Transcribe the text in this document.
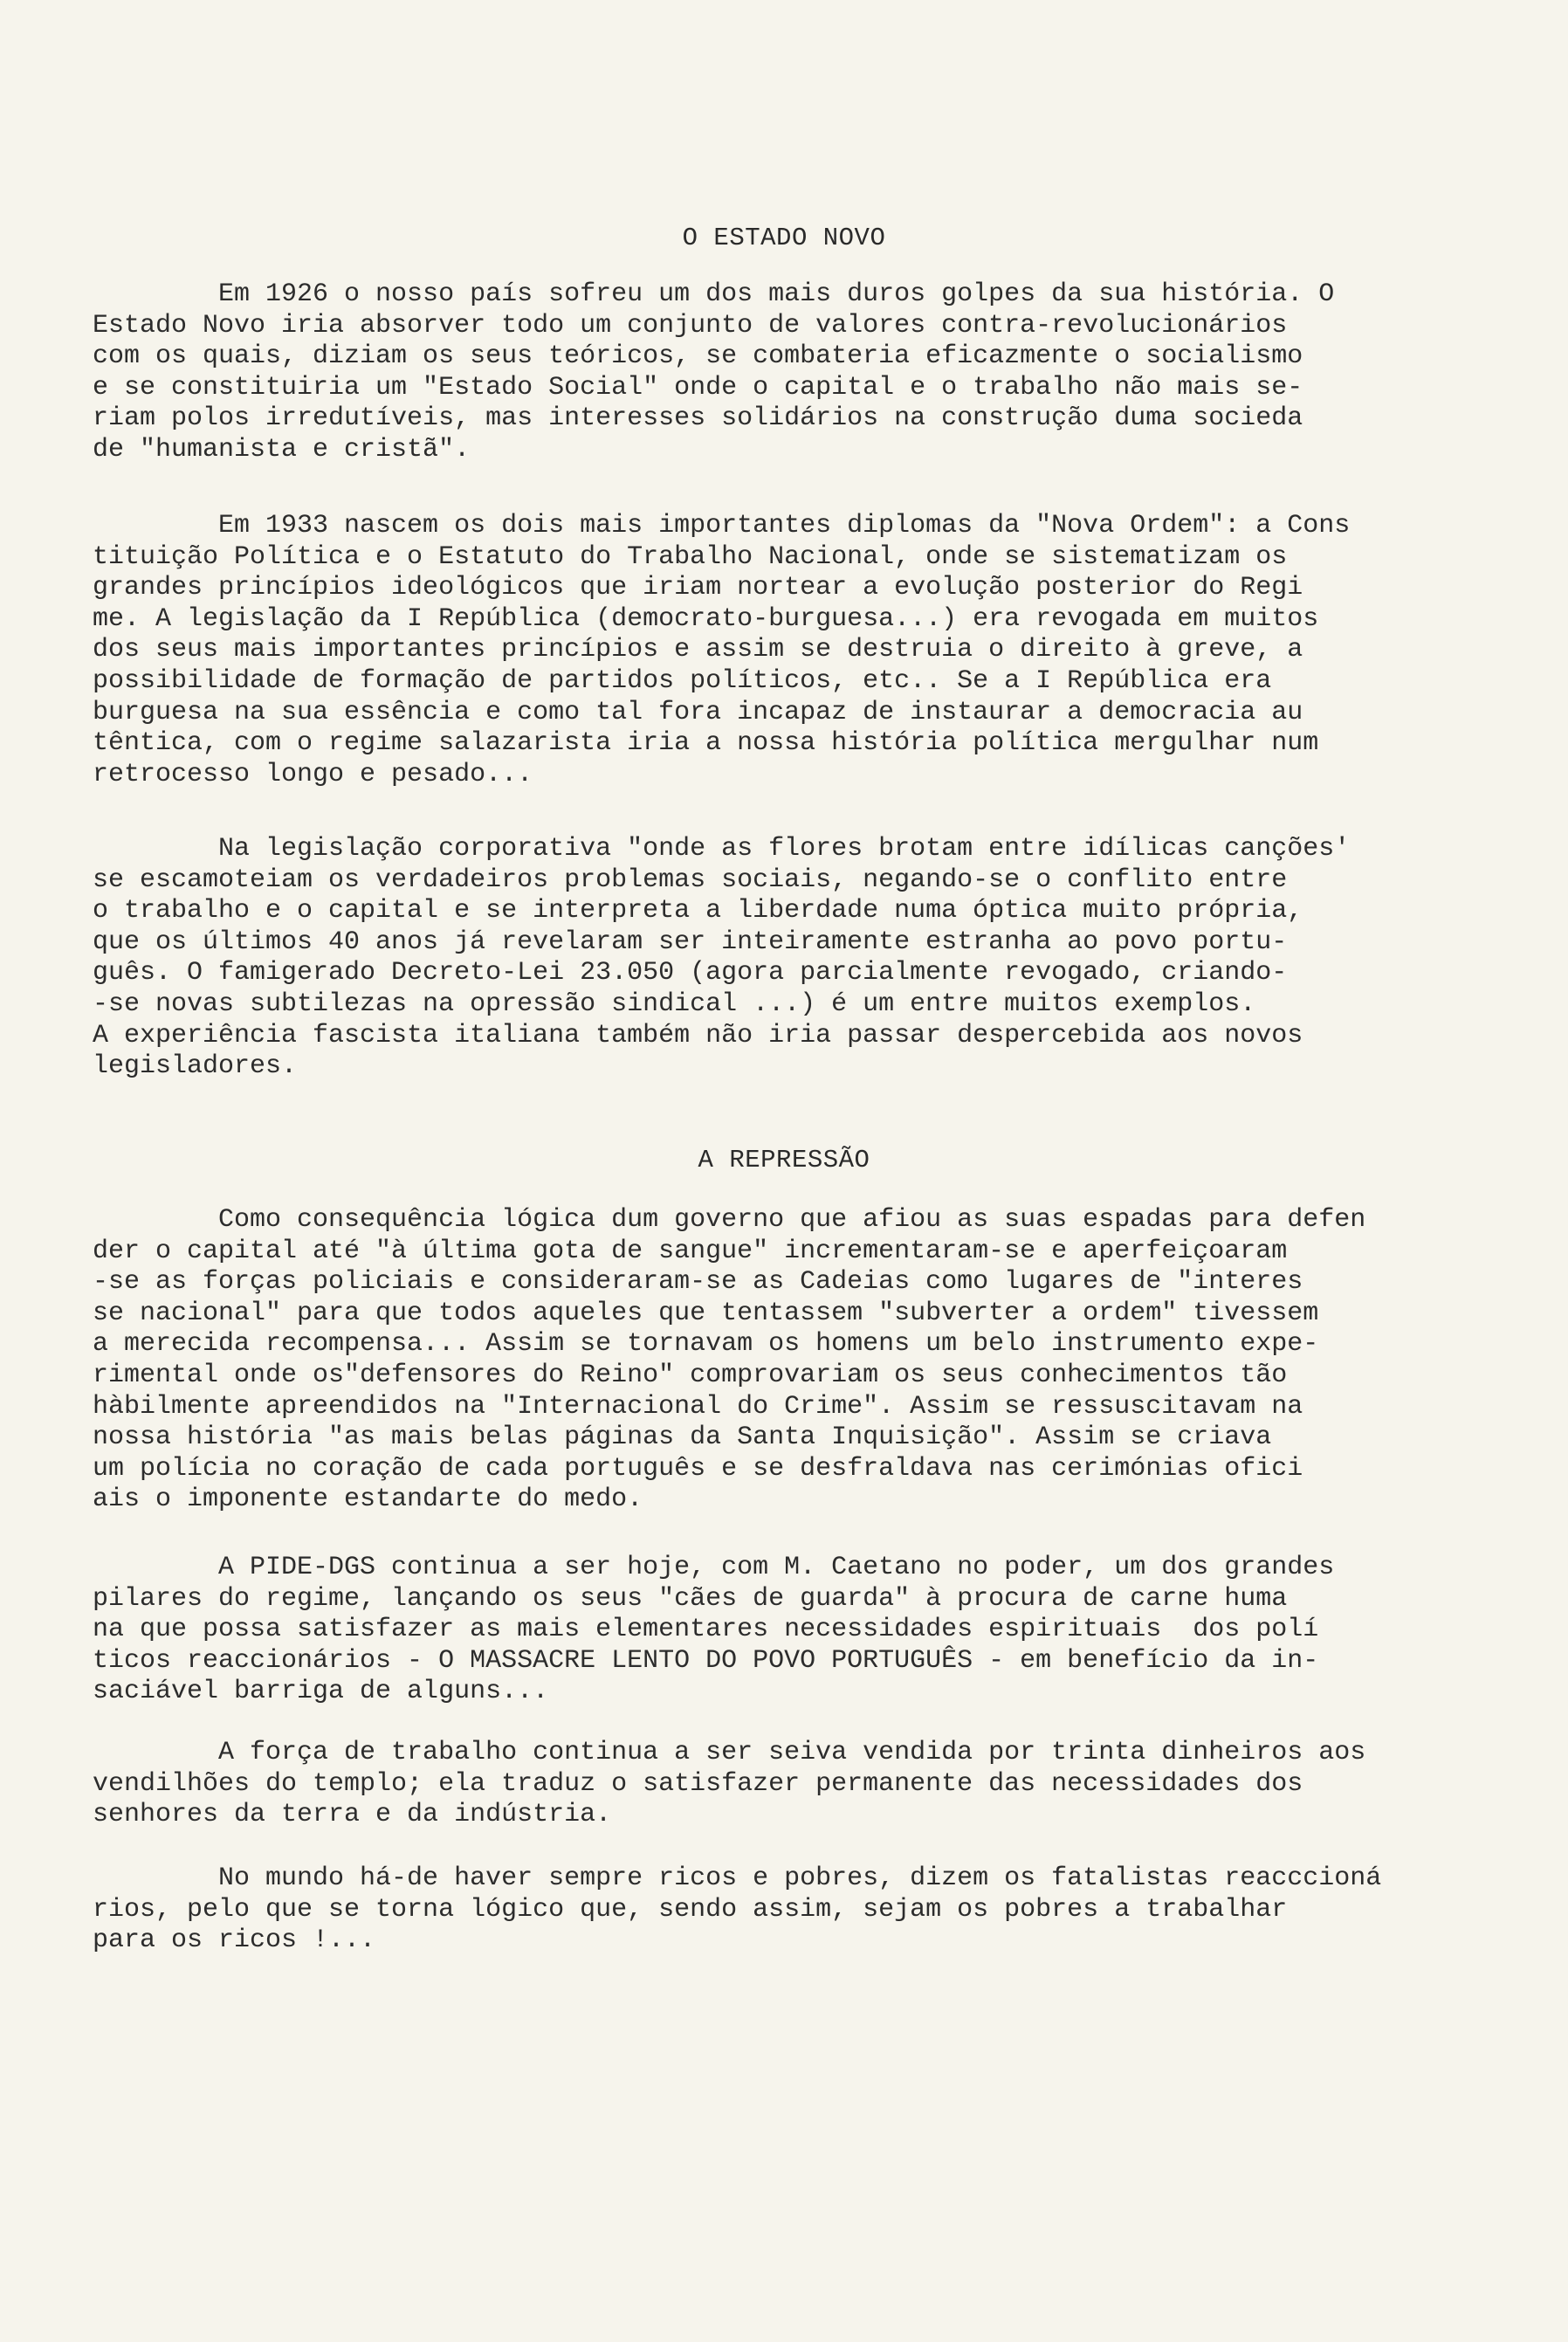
O ESTADO NOVO
Em 1926 o nosso país sofreu um dos mais duros golpes da sua história. O
Estado Novo iria absorver todo um conjunto de valores contra-revolucionários
com os quais, diziam os seus teóricos, se combateria eficazmente o socialismo
e se constituiria um "Estado Social" onde o capital e o trabalho não mais se-
riam polos irredutíveis, mas interesses solidários na construção duma socieda
de "humanista e cristã".
Em 1933 nascem os dois mais importantes diplomas da "Nova Ordem": a Cons
tituição Política e o Estatuto do Trabalho Nacional, onde se sistematizam os
grandes princípios ideológicos que iriam nortear a evolução posterior do Regi
me. A legislação da I República (democrato-burguesa...) era revogada em muitos
dos seus mais importantes princípios e assim se destruia o direito à greve, a
possibilidade de formação de partidos políticos, etc.. Se a I República era
burguesa na sua essência e como tal fora incapaz de instaurar a democracia au
têntica, com o regime salazarista iria a nossa história política mergulhar num
retrocesso longo e pesado...
Na legislação corporativa "onde as flores brotam entre idílicas canções'
se escamoteiam os verdadeiros problemas sociais, negando-se o conflito entre
o trabalho e o capital e se interpreta a liberdade numa óptica muito própria,
que os últimos 40 anos já revelaram ser inteiramente estranha ao povo portu-
guês. O famigerado Decreto-Lei 23.050 (agora parcialmente revogado, criando-
-se novas subtilezas na opressão sindical ...) é um entre muitos exemplos.
A experiência fascista italiana também não iria passar despercebida aos novos
legisladores.
A REPRESSÃO
Como consequência lógica dum governo que afiou as suas espadas para defen
der o capital até "à última gota de sangue" incrementaram-se e aperfeiçoaram
-se as forças policiais e consideraram-se as Cadeias como lugares de "interes
se nacional" para que todos aqueles que tentassem "subverter a ordem" tivessem
a merecida recompensa... Assim se tornavam os homens um belo instrumento expe-
rimental onde os"defensores do Reino" comprovariam os seus conhecimentos tão
hàbilmente apreendidos na "Internacional do Crime". Assim se ressuscitavam na
nossa história "as mais belas páginas da Santa Inquisição". Assim se criava
um polícia no coração de cada português e se desfraldava nas cerimónias ofici
ais o imponente estandarte do medo.
A PIDE-DGS continua a ser hoje, com M. Caetano no poder, um dos grandes
pilares do regime, lançando os seus "cães de guarda" à procura de carne huma
na que possa satisfazer as mais elementares necessidades espirituais  dos polí
ticos reaccionários - O MASSACRE LENTO DO POVO PORTUGUÊS - em benefício da in-
saciável barriga de alguns...
A força de trabalho continua a ser seiva vendida por trinta dinheiros aos
vendilhões do templo; ela traduz o satisfazer permanente das necessidades dos
senhores da terra e da indústria.
No mundo há-de haver sempre ricos e pobres, dizem os fatalistas reacccioná
rios, pelo que se torna lógico que, sendo assim, sejam os pobres a trabalhar
para os ricos !...
